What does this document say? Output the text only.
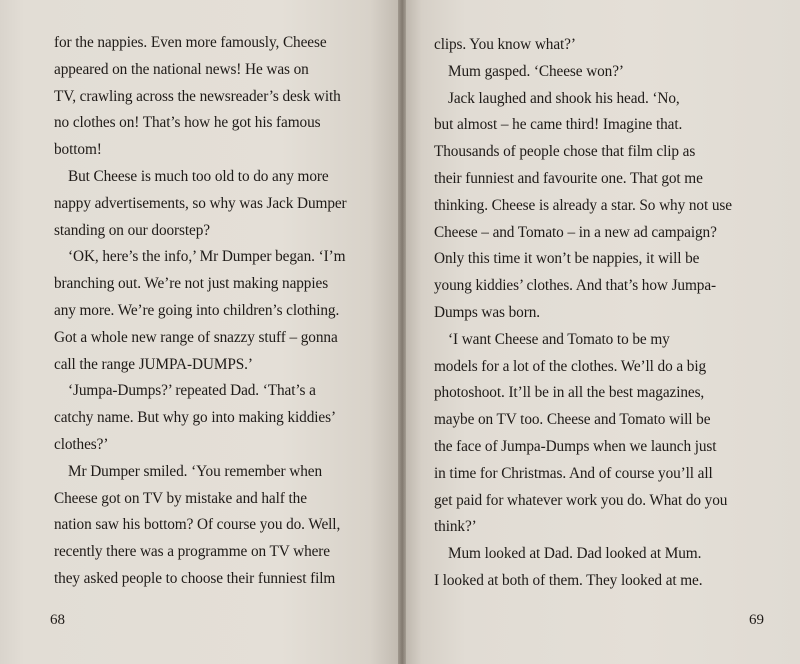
for the nappies. Even more famously, Cheese
appeared on the national news! He was on
TV, crawling across the newsreader’s desk with
no clothes on! That’s how he got his famous
bottom!
But Cheese is much too old to do any more
nappy advertisements, so why was Jack Dumper
standing on our doorstep?
‘OK, here’s the info,’ Mr Dumper began. ‘I’m
branching out. We’re not just making nappies
any more. We’re going into children’s clothing.
Got a whole new range of snazzy stuff – gonna
call the range JUMPA-DUMPS.’
‘Jumpa-Dumps?’ repeated Dad. ‘That’s a
catchy name. But why go into making kiddies’
clothes?’
Mr Dumper smiled. ‘You remember when
Cheese got on TV by mistake and half the
nation saw his bottom? Of course you do. Well,
recently there was a programme on TV where
they asked people to choose their funniest film
68
clips. You know what?’
Mum gasped. ‘Cheese won?’
Jack laughed and shook his head. ‘No,
but almost – he came third! Imagine that.
Thousands of people chose that film clip as
their funniest and favourite one. That got me
thinking. Cheese is already a star. So why not use
Cheese – and Tomato – in a new ad campaign?
Only this time it won’t be nappies, it will be
young kiddies’ clothes. And that’s how Jumpa-
Dumps was born.
‘I want Cheese and Tomato to be my
models for a lot of the clothes. We’ll do a big
photoshoot. It’ll be in all the best magazines,
maybe on TV too. Cheese and Tomato will be
the face of Jumpa-Dumps when we launch just
in time for Christmas. And of course you’ll all
get paid for whatever work you do. What do you
think?’
Mum looked at Dad. Dad looked at Mum.
I looked at both of them. They looked at me.
69
